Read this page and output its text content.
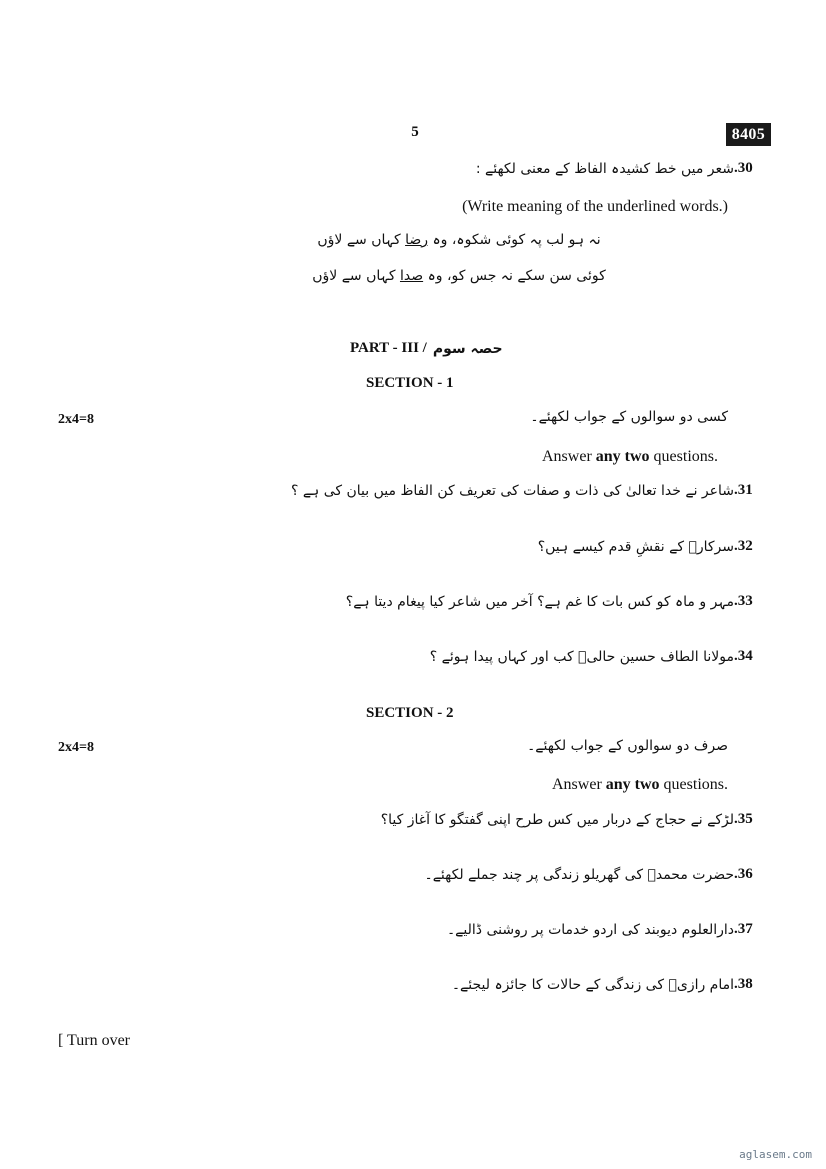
5	8405
.30
شعر میں خط کشیدہ الفاظ کے معنی لکھئے :
(Write meaning of the underlined words.)
نہ ہو لب پہ کوئی شکوہ، وہ رضا کہاں سے لاؤں
کوئی سن سکے نہ جس کو، وہ صدا کہاں سے لاؤں
PART - III / حصہ سوم
SECTION - 1
2x4=8	کسی دو سوالوں کے جواب لکھئے۔
Answer any two questions.
.31
شاعر نے خدا تعالیٰ کی ذات و صفات کی تعریف کن الفاظ میں بیان کی ہے ؟
.32
سرکارؐ کے نقشِ قدم کیسے ہیں؟
.33
مہر و ماہ کو کس بات کا غم ہے؟ آخر میں شاعر کیا پیغام دیتا ہے؟
.34
مولانا الطاف حسین حالیؔ کب اور کہاں پیدا ہوئے ؟
SECTION - 2
2x4=8	صرف دو سوالوں کے جواب لکھئے۔
Answer any two questions.
.35
لڑکے نے حجاج کے دربار میں کس طرح اپنی گفتگو کا آغاز کیا؟
.36
حضرت محمدؐ کی گھریلو زندگی پر چند جملے لکھئے۔
.37
دارالعلوم دیوبند کی اردو خدمات پر روشنی ڈالیے۔
.38
امام رازیؒ کی زندگی کے حالات کا جائزہ لیجئے۔
[ Turn over
aglasem.com
